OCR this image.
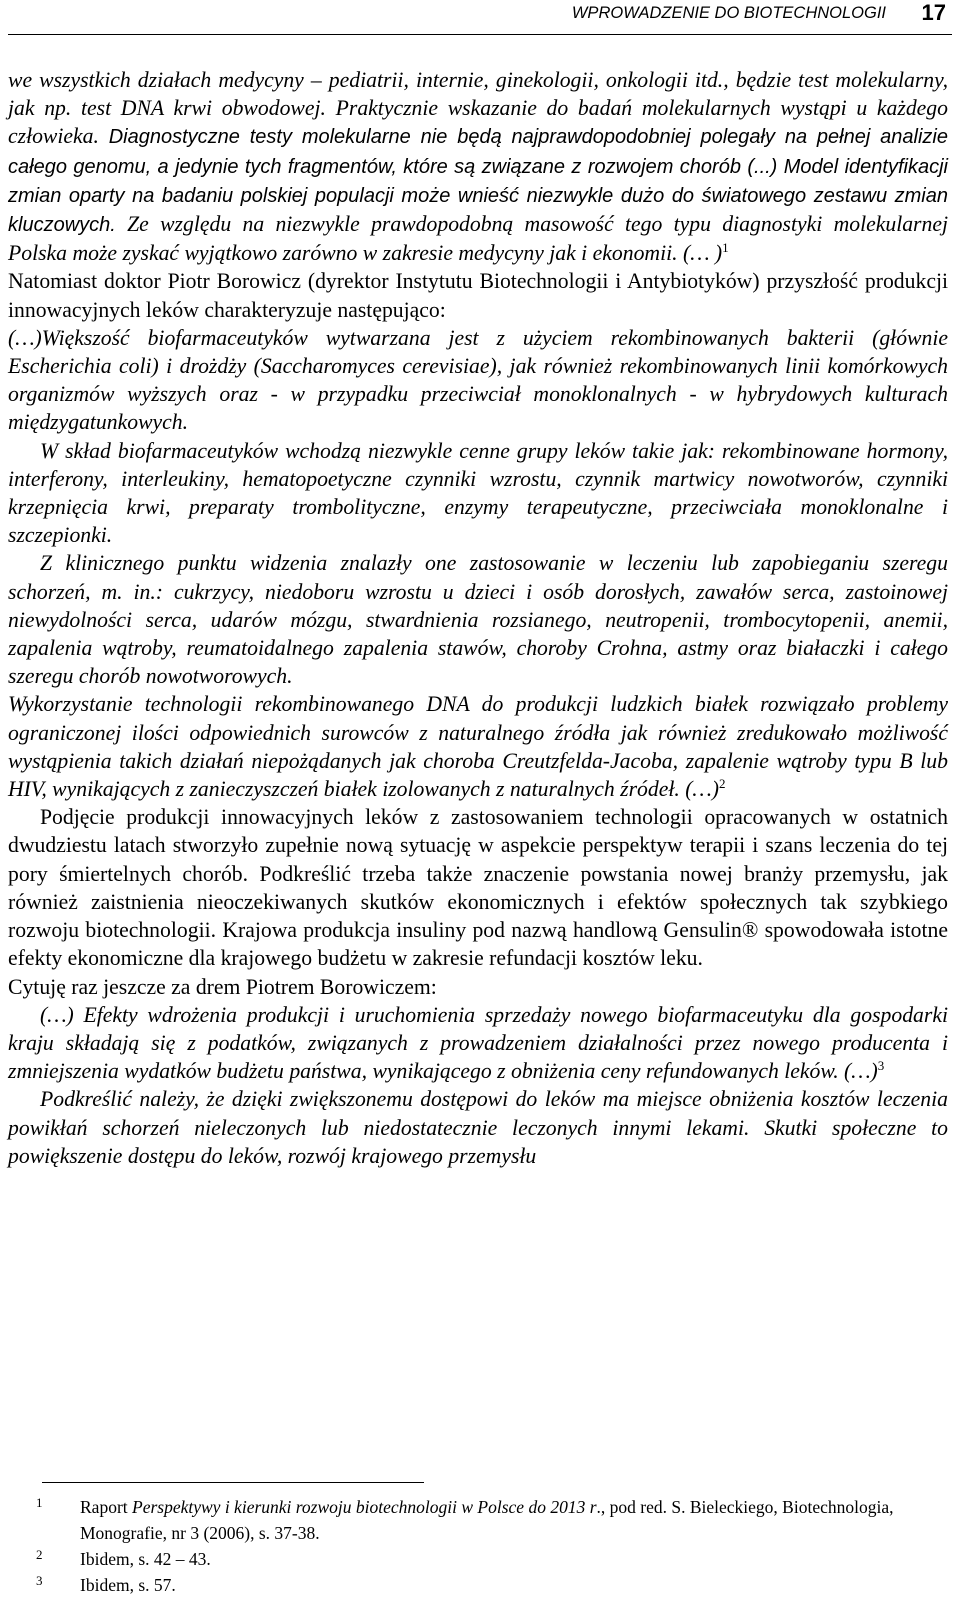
WPROWADZENIE DO BIOTECHNOLOGII 17

we wszystkich działach medycyny – pediatrii, internie, ginekologii, onkologii itd., będzie test molekularny, jak np. test DNA krwi obwodowej. Praktycznie wskazanie do badań molekularnych wystąpi u każdego człowieka. Diagnostyczne testy molekularne nie będą najprawdopodobniej polegały na pełnej analizie całego genomu, a jedynie tych fragmentów, które są związane z rozwojem chorób (...) Model identyfikacji zmian oparty na badaniu polskiej populacji może wnieść niezwykle dużo do światowego zestawu zmian kluczowych. Ze względu na niezwykle prawdopodobną masowość tego typu diagnostyki molekularnej Polska może zyskać wyjątkowo zarówno w zakresie medycyny jak i ekonomii. (… )$^1$

Natomiast doktor Piotr Borowicz (dyrektor Instytutu Biotechnologii i Antybiotyków) przyszłość produkcji innowacyjnych leków charakteryzuje następująco:

(…)Większość biofarmaceutyków wytwarzana jest z użyciem rekombinowanych bakterii (głównie Escherichia coli) i drożdży (Saccharomyces cerevisiae), jak również rekombinowanych linii komórkowych organizmów wyższych oraz - w przypadku przeciwciał monoklonalnych - w hybrydowych kulturach międzygatunkowych.

W skład biofarmaceutyków wchodzą niezwykle cenne grupy leków takie jak: rekombinowane hormony, interferony, interleukiny, hematopoetyczne czynniki wzrostu, czynnik martwicy nowotworów, czynniki krzepnięcia krwi, preparaty trombolityczne, enzymy terapeutyczne, przeciwciała monoklonalne i szczepionki.

Z klinicznego punktu widzenia znalazły one zastosowanie w leczeniu lub zapobieganiu szeregu schorzeń, m. in.: cukrzycy, niedoboru wzrostu u dzieci i osób dorosłych, zawałów serca, zastoinowej niewydolności serca, udarów mózgu, stwardnienia rozsianego, neutropenii, trombocytopenii, anemii, zapalenia wątroby, reumatoidalnego zapalenia stawów, choroby Crohna, astmy oraz białaczki i całego szeregu chorób nowotworowych.

Wykorzystanie technologii rekombinowanego DNA do produkcji ludzkich białek rozwiązało problemy ograniczonej ilości odpowiednich surowców z naturalnego źródła jak również zredukowało możliwość wystąpienia takich działań niepożądanych jak choroba Creutzfelda-Jacoba, zapalenie wątroby typu B lub HIV, wynikających z zanieczyszczeń białek izolowanych z naturalnych źródeł. (…)$^2$

Podjęcie produkcji innowacyjnych leków z zastosowaniem technologii opracowanych w ostatnich dwudziestu latach stworzyło zupełnie nową sytuację w aspekcie perspektyw terapii i szans leczenia do tej pory śmiertelnych chorób. Podkreślić trzeba także znaczenie powstania nowej branży przemysłu, jak również zaistnienia nieoczekiwanych skutków ekonomicznych i efektów społecznych tak szybkiego rozwoju biotechnologii. Krajowa produkcja insuliny pod nazwą handlową Gensulin® spowodowała istotne efekty ekonomiczne dla krajowego budżetu w zakresie refundacji kosztów leku.

Cytuję raz jeszcze za drem Piotrem Borowiczem:

(…) Efekty wdrożenia produkcji i uruchomienia sprzedaży nowego biofarmaceutyku dla gospodarki kraju składają się z podatków, związanych z prowadzeniem działalności przez nowego producenta i zmniejszenia wydatków budżetu państwa, wynikającego z obniżenia ceny refundowanych leków. (…)$^3$

Podkreślić należy, że dzięki zwiększonemu dostępowi do leków ma miejsce obniżenia kosztów leczenia powikłań schorzeń nieleczonych lub niedostatecznie leczonych innymi lekami. Skutki społeczne to powiększenie dostępu do leków, rozwój krajowego przemysłu

1 Raport Perspektywy i kierunki rozwoju biotechnologii w Polsce do 2013 r., pod red. S. Bieleckiego, Biotechnologia, Monografie, nr 3 (2006), s. 37-38.
2 Ibidem, s. 42 – 43.
3 Ibidem, s. 57.
